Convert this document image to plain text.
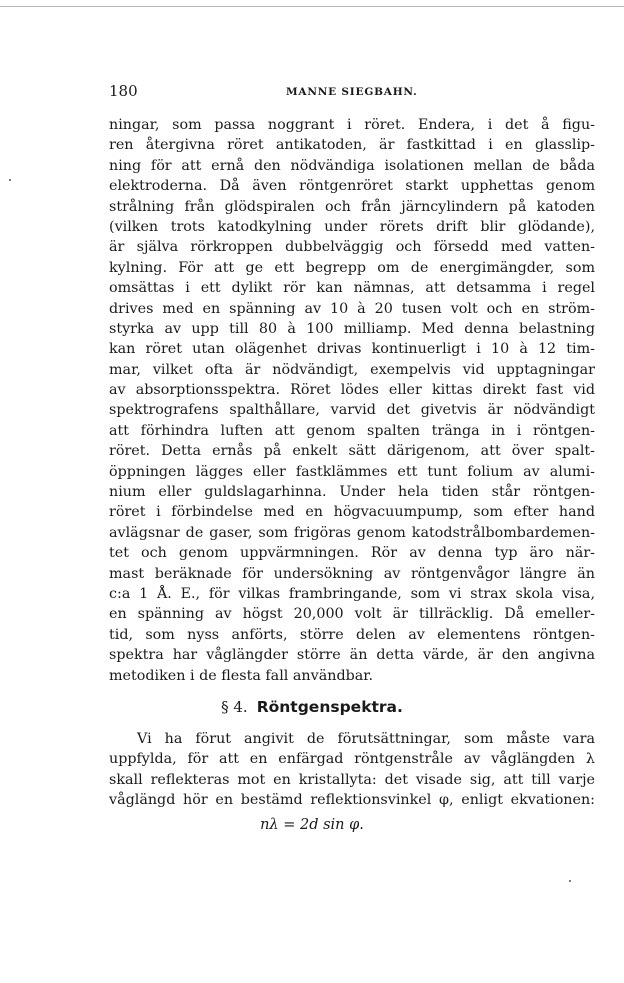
180	MANNE SIEGBAHN.
ningar, som passa noggrant i röret. Endera, i det å figu-
ren återgivna röret antikatoden, är fastkittad i en glasslip-
ning för att ernå den nödvändiga isolationen mellan de båda
elektroderna. Då även röntgenröret starkt upphettas genom
strålning från glödspiralen och från järncylindern på katoden
(vilken trots katodkylning under rörets drift blir glödande),
är själva rörkroppen dubbelväggig och försedd med vatten-
kylning. För att ge ett begrepp om de energimängder, som
omsättas i ett dylikt rör kan nämnas, att detsamma i regel
drives med en spänning av 10 à 20 tusen volt och en ström-
styrka av upp till 80 à 100 milliamp. Med denna belastning
kan röret utan olägenhet drivas kontinuerligt i 10 à 12 tim-
mar, vilket ofta är nödvändigt, exempelvis vid upptagningar
av absorptionsspektra. Röret lödes eller kittas direkt fast vid
spektrografens spalthållare, varvid det givetvis är nödvändigt
att förhindra luften att genom spalten tränga in i röntgen-
röret. Detta ernås på enkelt sätt därigenom, att över spalt-
öppningen lägges eller fastklämmes ett tunt folium av alumi-
nium eller guldslagarhinna. Under hela tiden står röntgen-
röret i förbindelse med en högvacuumpump, som efter hand
avlägsnar de gaser, som frigöras genom katodstrålbombardemen-
tet och genom uppvärmningen. Rör av denna typ äro när-
mast beräknade för undersökning av röntgenvågor längre än
c:a 1 Å. E., för vilkas frambringande, som vi strax skola visa,
en spänning av högst 20,000 volt är tillräcklig. Då emeller-
tid, som nyss anförts, större delen av elementens röntgen-
spektra har våglängder större än detta värde, är den angivna
metodiken i de flesta fall användbar.
§ 4. Röntgenspektra.
Vi ha förut angivit de förutsättningar, som måste vara
uppfylda, för att en enfärgad röntgenstråle av våglängden λ
skall reflekteras mot en kristallyta: det visade sig, att till varje
våglängd hör en bestämd reflektionsvinkel φ, enligt ekvationen:
nλ = 2d sin φ.
